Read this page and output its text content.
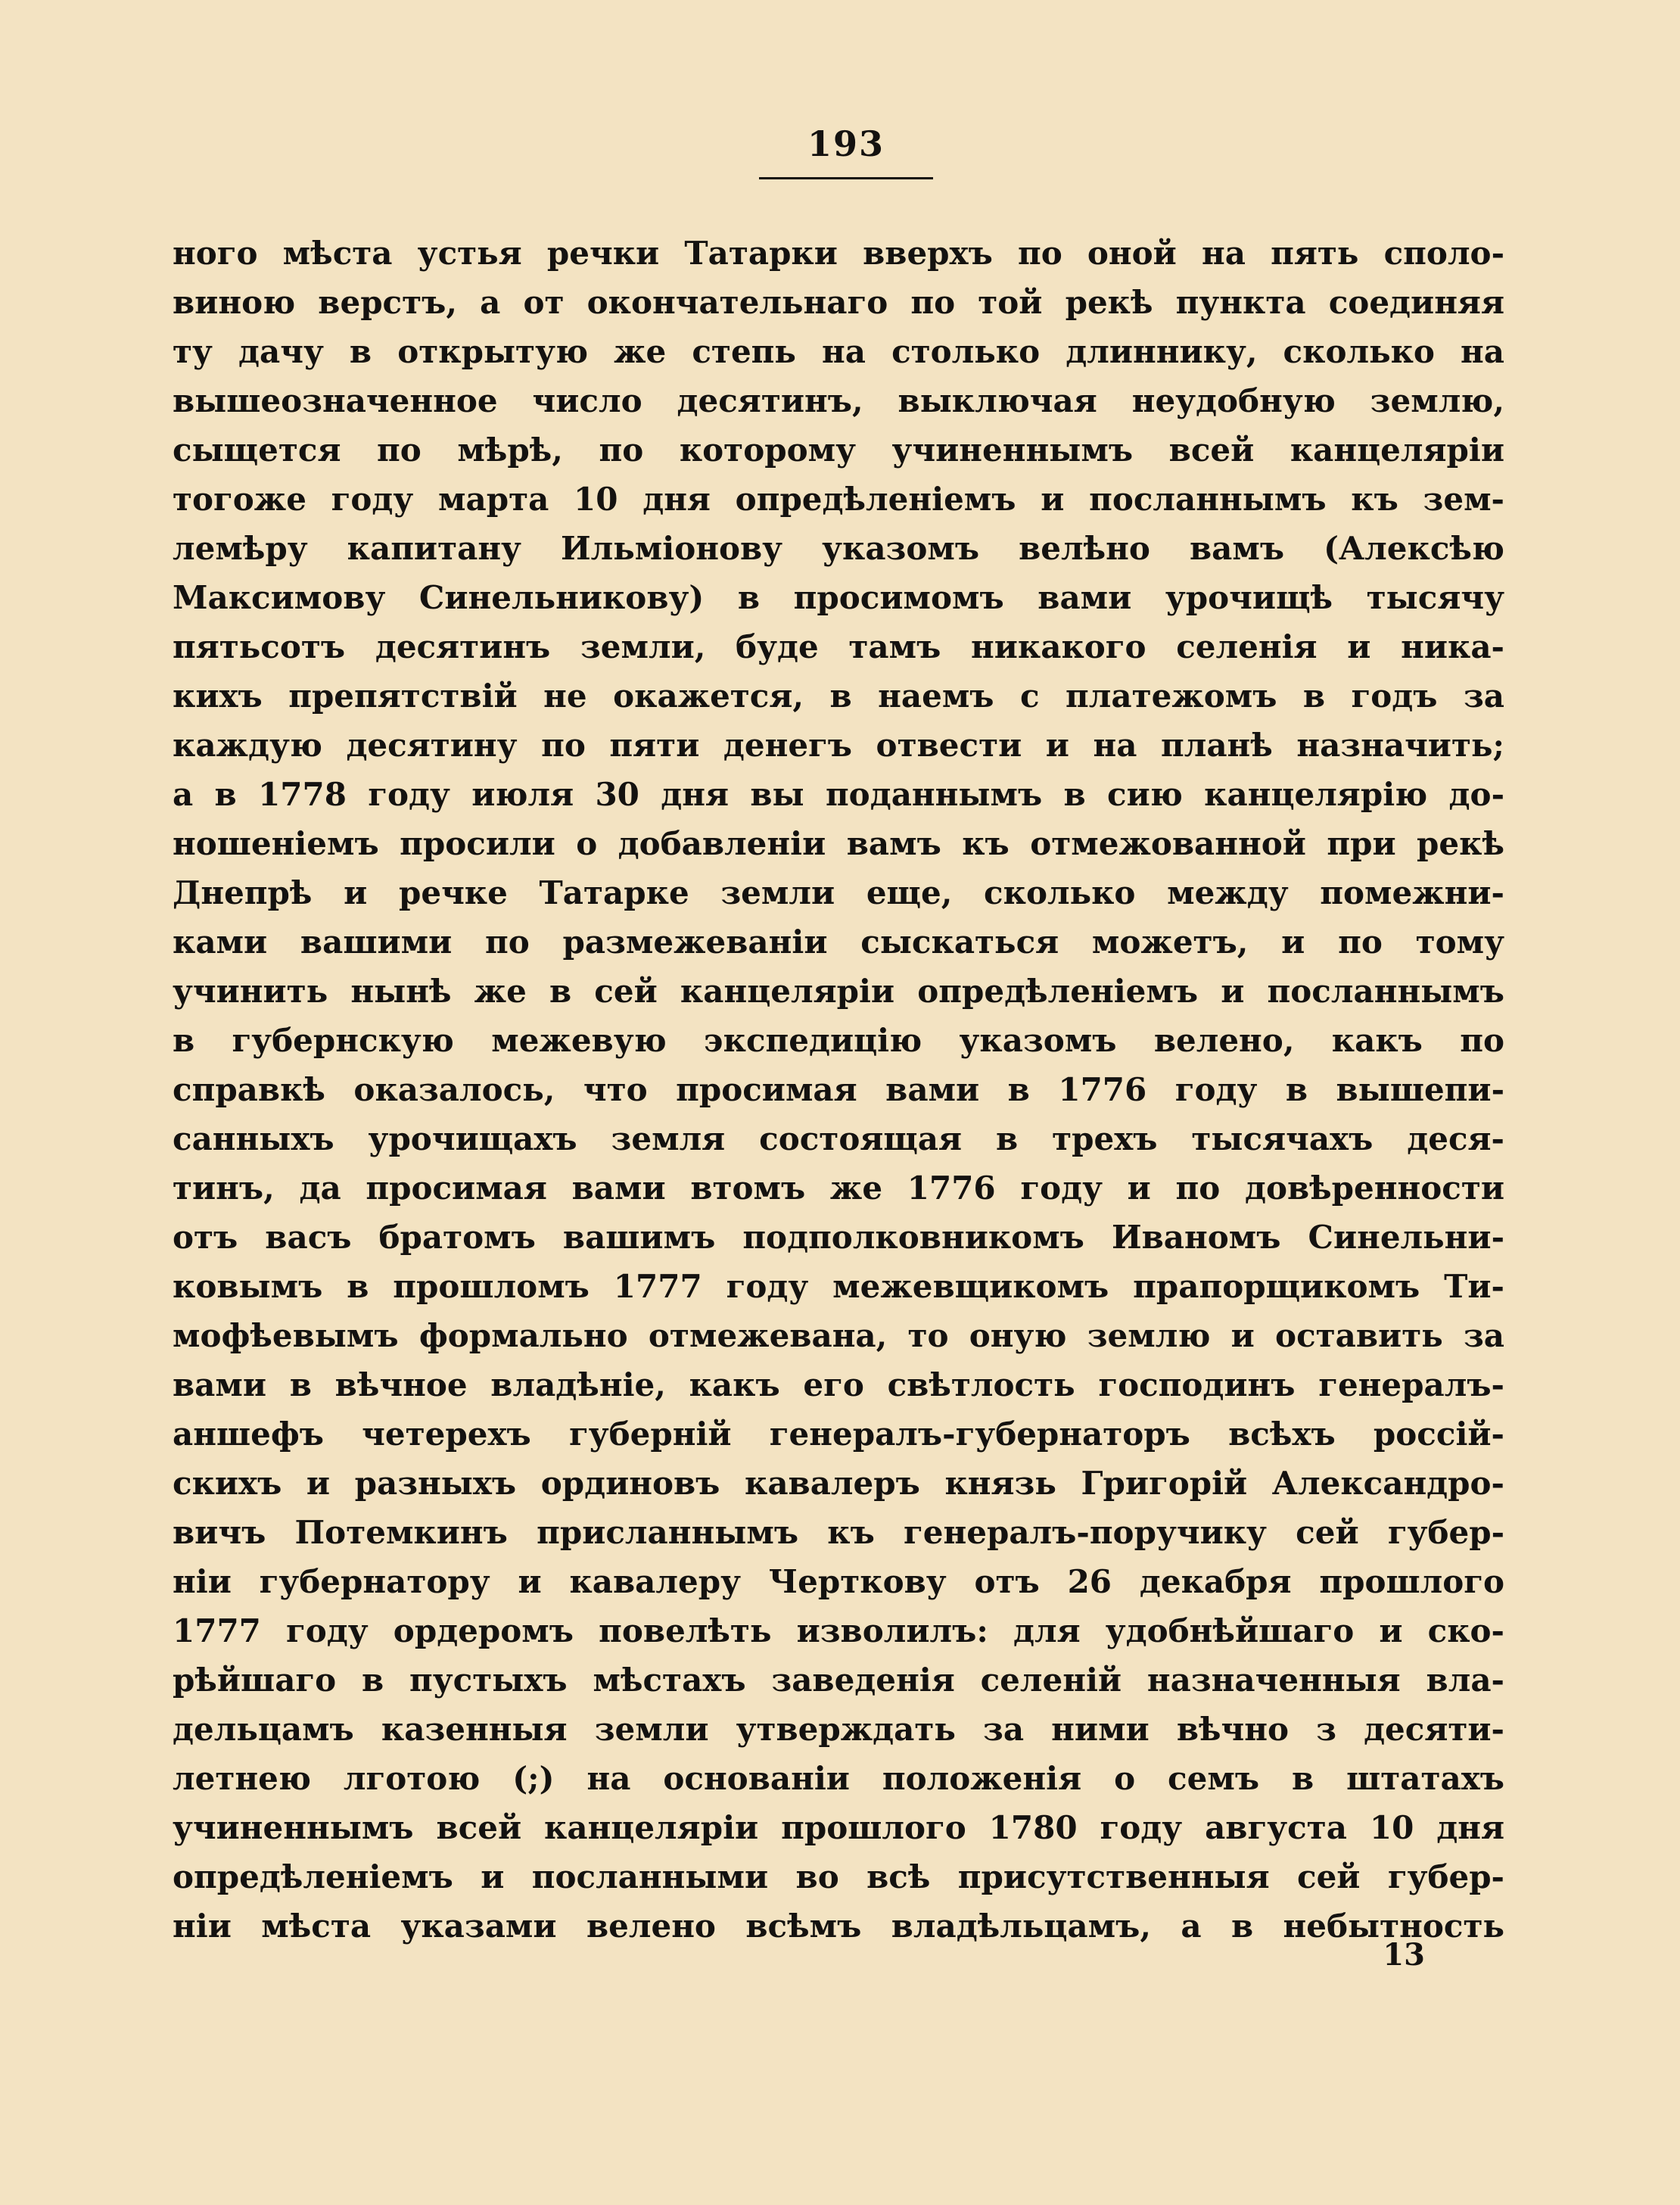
193
ного мѣста устья речки Татарки вверхъ по оной на пять споло-
виною верстъ, а от окончательнаго по той рекѣ пункта соединяя
ту дачу в открытую же степь на столько длиннику, сколько на
вышеозначенное число десятинъ, выключая неудобную землю,
сыщется по мѣрѣ, по которому учиненнымъ всей канцеляріи
тогоже году марта 10 дня опредѣленіемъ и посланнымъ къ зем-
лемѣру капитану Ильміонову указомъ велѣно вамъ (Алексѣю
Максимову Синельникову) в просимомъ вами урочищѣ тысячу
пятьсотъ десятинъ земли, буде тамъ никакого селенія и ника-
кихъ препятствій не окажется, в наемъ с платежомъ в годъ за
каждую десятину по пяти денегъ отвести и на планѣ назначить;
а в 1778 году июля 30 дня вы поданнымъ в сию канцелярію до-
ношеніемъ просили о добавленіи вамъ къ отмежованной при рекѣ
Днепрѣ и речке Татарке земли еще, сколько между помежни-
ками вашими по размежеваніи сыскаться можетъ, и по тому
учинить нынѣ же в сей канцеляріи опредѣленіемъ и посланнымъ
в губернскую межевую экспедицію указомъ велено, какъ по
справкѣ оказалось, что просимая вами в 1776 году в вышепи-
санныхъ урочищахъ земля состоящая в трехъ тысячахъ деся-
тинъ, да просимая вами втомъ же 1776 году и по довѣренности
отъ васъ братомъ вашимъ подполковникомъ Иваномъ Синельни-
ковымъ в прошломъ 1777 году межевщикомъ прапорщикомъ Ти-
мофѣевымъ формально отмежевана, то оную землю и оставить за
вами в вѣчное владѣніе, какъ его свѣтлость господинъ генералъ-
аншефъ четерехъ губерній генералъ-губернаторъ всѣхъ россій-
скихъ и разныхъ ординовъ кавалеръ князь Григорій Александро-
вичъ Потемкинъ присланнымъ къ генералъ-поручику сей губер-
ніи губернатору и кавалеру Черткову отъ 26 декабря прошлого
1777 году ордеромъ повелѣть изволилъ: для удобнѣйшаго и ско-
рѣйшаго в пустыхъ мѣстахъ заведенія селеній назначенныя вла-
дельцамъ казенныя земли утверждать за ними вѣчно з десяти-
летнею лготою (;) на основаніи положенія о семъ в штатахъ
учиненнымъ всей канцеляріи прошлого 1780 году августа 10 дня
опредѣленіемъ и посланными во всѣ присутственныя сей губер-
ніи мѣста указами велено всѣмъ владѣльцамъ, а в небытность
13
